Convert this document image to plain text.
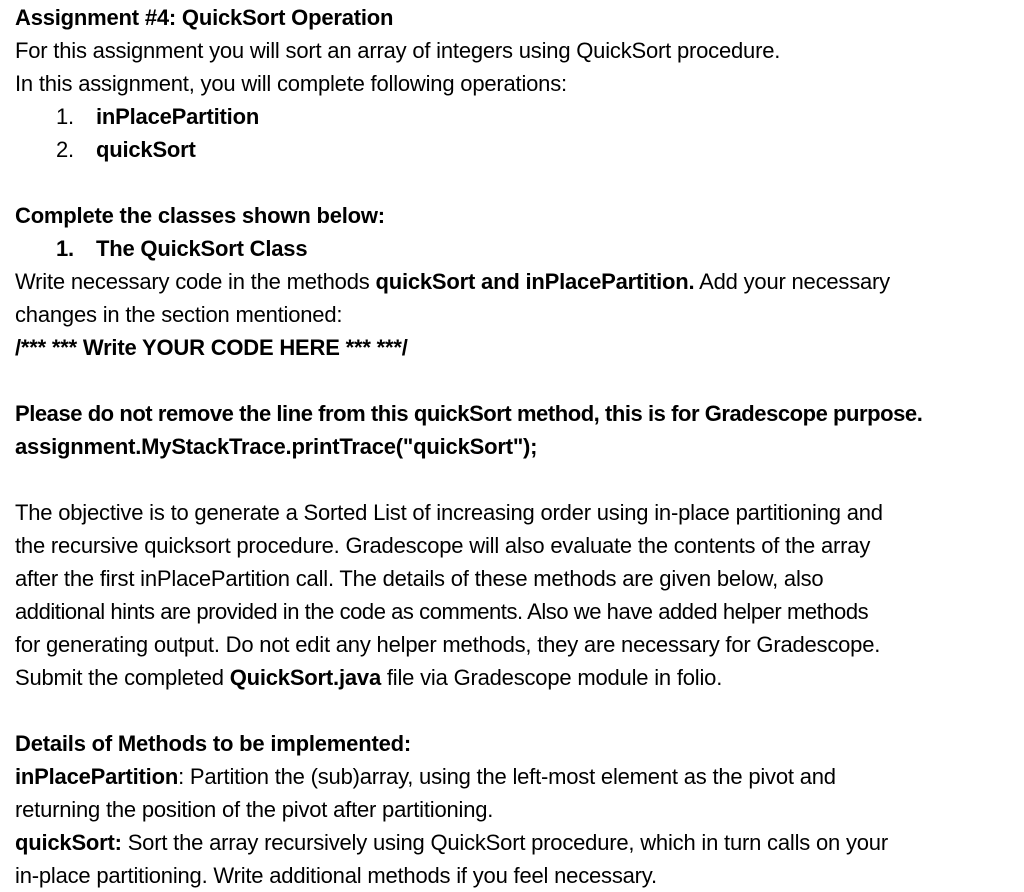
Assignment #4: QuickSort Operation
For this assignment you will sort an array of integers using QuickSort procedure.
In this assignment, you will complete following operations:
1. inPlacePartition
2. quickSort
Complete the classes shown below:
1. The QuickSort Class
Write necessary code in the methods quickSort and inPlacePartition. Add your necessary
changes in the section mentioned:
/*** *** Write YOUR CODE HERE *** ***/
Please do not remove the line from this quickSort method, this is for Gradescope purpose.
assignment.MyStackTrace.printTrace("quickSort");
The objective is to generate a Sorted List of increasing order using in-place partitioning and
the recursive quicksort procedure. Gradescope will also evaluate the contents of the array
after the first inPlacePartition call. The details of these methods are given below, also
additional hints are provided in the code as comments. Also we have added helper methods
for generating output. Do not edit any helper methods, they are necessary for Gradescope.
Submit the completed QuickSort.java file via Gradescope module in folio.
Details of Methods to be implemented:
inPlacePartition: Partition the (sub)array, using the left-most element as the pivot and
returning the position of the pivot after partitioning.
quickSort: Sort the array recursively using QuickSort procedure, which in turn calls on your
in-place partitioning. Write additional methods if you feel necessary.
